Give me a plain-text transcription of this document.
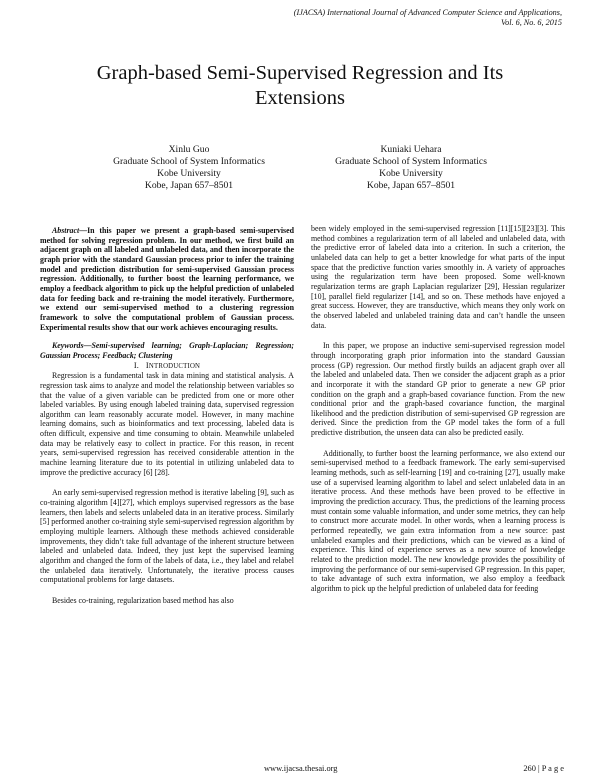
(IJACSA) International Journal of Advanced Computer Science and Applications,
Vol. 6, No. 6, 2015
Graph-based Semi-Supervised Regression and Its
Extensions
Xinlu Guo
Graduate School of System Informatics
Kobe University
Kobe, Japan 657–8501
Kuniaki Uehara
Graduate School of System Informatics
Kobe University
Kobe, Japan 657–8501

Abstract—In this paper we present a graph-based semi-supervised method for solving regression problem. In our method, we first build an adjacent graph on all labeled and unlabeled data, and then incorporate the graph prior with the standard Gaussian process prior to infer the training model and prediction distribution for semi-supervised Gaussian process regression. Additionally, to further boost the learning performance, we employ a feedback algorithm to pick up the helpful prediction of unlabeled data for feeding back and re-training the model iteratively. Furthermore, we extend our semi-supervised method to a clustering regression framework to solve the computational problem of Gaussian process. Experimental results show that our work achieves encouraging results.

Keywords—Semi-supervised learning; Graph-Laplacian; Regression; Gaussian Process; Feedback; Clustering

I. INTRODUCTION

Regression is a fundamental task in data mining and statistical analysis. A regression task aims to analyze and model the relationship between variables so that the value of a given variable can be predicted from one or more other labeled variables. By using enough labeled training data, supervised regression algorithm can learn reasonably accurate model. However, in many machine learning domains, such as bioinformatics and text processing, labeled data is often difficult, expensive and time consuming to obtain. Meanwhile unlabeled data may be relatively easy to collect in practice. For this reason, in recent years, semi-supervised regression has received considerable attention in the machine learning literature due to its potential in utilizing unlabeled data to improve the predictive accuracy [6] [28].

An early semi-supervised regression method is iterative labeling [9], such as co-training algorithm [4][27], which employs supervised regressors as the base learners, then labels and selects unlabeled data in an iterative process. Similarly [5] performed another co-training style semi-supervised regression algorithm by employing multiple learners. Although these methods achieved considerable improvements, they didn’t take full advantage of the inherent structure between labeled and unlabeled data. Indeed, they just kept the supervised learning algorithm and changed the form of the labels of data, i.e., they label and relabel the unlabeled data iteratively. Unfortunately, the iterative process causes computational problems for large datasets.

Besides co-training, regularization based method has also

been widely employed in the semi-supervised regression [11][15][23][3]. This method combines a regularization term of all labeled and unlabeled data, with the predictive error of labeled data into a criterion. In such a criterion, the unlabeled data can help to get a better knowledge for what parts of the input space that the predictive function varies smoothly in. A variety of approaches using the regularization term have been proposed. Some well-known regularization terms are graph Laplacian regularizer [29], Hessian regularizer [10], parallel field regularizer [14], and so on. These methods have enjoyed a great success. However, they are transductive, which means they only work on the observed labeled and unlabeled training data and can’t handle the unseen data.

In this paper, we propose an inductive semi-supervised regression model through incorporating graph prior information into the standard Gaussian process (GP) regression. Our method firstly builds an adjacent graph over all the labeled and unlabeled data. Then we consider the adjacent graph as a prior and incorporate it with the standard GP prior to generate a new GP prior condition on the graph and a graph-based covariance function. From the new conditional prior and the graph-based covariance function, the marginal likelihood and the prediction distribution of semi-supervised GP regression are derived. Since the prediction from the GP model takes the form of a full predictive distribution, the unseen data can also be predicted easily.

Additionally, to further boost the learning performance, we also extend our semi-supervised method to a feedback framework. The early semi-supervised learning methods, such as self-learning [19] and co-training [27], usually make use of a supervised learning algorithm to label and select unlabeled data in an iterative process. And these methods have been proved to be effective in improving the prediction accuracy. Thus, the predictions of the learning process must contain some valuable information, and under some metrics, they can help to construct more accurate model. In other words, when a learning process is performed repeatedly, we gain extra information from a new source: past unlabeled examples and their predictions, which can be viewed as a kind of experience. This kind of experience serves as a new source of knowledge related to the prediction model. The new knowledge provides the possibility of improving the performance of our semi-supervised GP regression. In this paper, to take advantage of such extra information, we also employ a feedback algorithm to pick up the helpful prediction of unlabeled data for feeding

www.ijacsa.thesai.org	260 | P a g e
